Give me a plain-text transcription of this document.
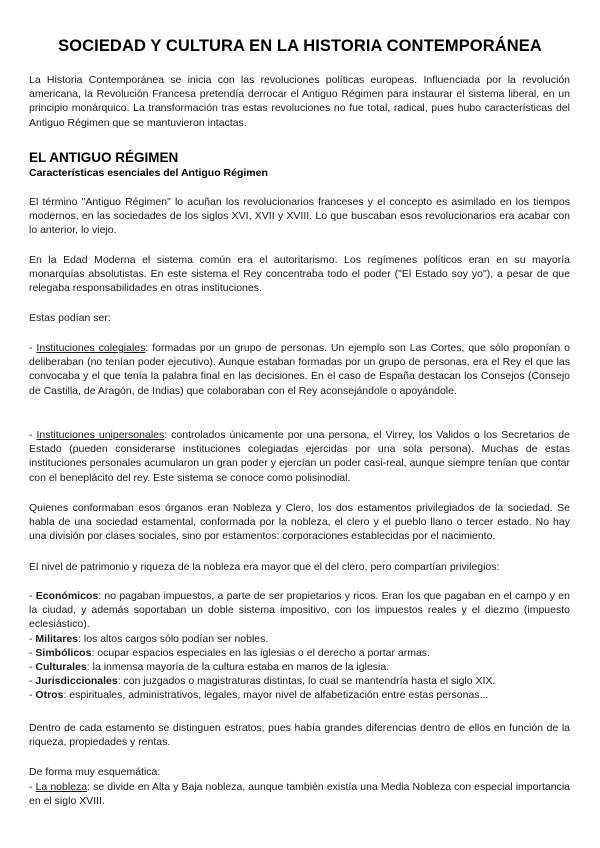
SOCIEDAD Y CULTURA EN LA HISTORIA CONTEMPORÁNEA

La Historia Contemporánea se inicia con las revoluciones políticas europeas. Influenciada por la revolución americana, la Revolución Francesa pretendía derrocar el Antiguo Régimen para instaurar el sistema liberal, en un principio monárquico. La transformación tras estas revoluciones no fue total, radical, pues hubo características del Antiguo Régimen que se mantuvieron intactas.

EL ANTIGUO RÉGIMEN
Características esenciales del Antiguo Régimen

El término "Antiguo Régimen" lo acuñan los revolucionarios franceses y el concepto es asimilado en los tiempos modernos, en las sociedades de los siglos XVI, XVII y XVIII. Lo que buscaban esos revolucionarios era acabar con lo anterior, lo viejo.

En la Edad Moderna el sistema común era el autoritarismo. Los regímenes políticos eran en su mayoría monarquías absolutistas. En este sistema el Rey concentraba todo el poder ("El Estado soy yo"), a pesar de que relegaba responsabilidades en otras instituciones.

Estas podían ser:

- Instituciones colegiales: formadas por un grupo de personas. Un ejemplo son Las Cortes, que sólo proponían o deliberaban (no tenían poder ejecutivo). Aunque estaban formadas por un grupo de personas, era el Rey el que las convocaba y el que tenía la palabra final en las decisiones. En el caso de España destacan los Consejos (Consejo de Castilla, de Aragón, de Indias) que colaboraban con el Rey aconsejándole o apoyándole.

- Instituciones unipersonales: controlados únicamente por una persona, el Virrey, los Validos o los Secretarios de Estado (pueden considerarse instituciones colegiadas ejercidas por una sola persona). Muchas de estas instituciones personales acumularon un gran poder y ejercían un poder casi-real, aunque siempre tenían que contar con el beneplácito del rey. Este sistema se conoce como polisinodial.

Quienes conformaban esos órganos eran Nobleza y Clero, los dos estamentos privilegiados de la sociedad. Se habla de una sociedad estamental, conformada por la nobleza, el clero y el pueblo llano o tercer estado. No hay una división por clases sociales, sino por estamentos: corporaciones establecidas por el nacimiento.

El nivel de patrimonio y riqueza de la nobleza era mayor que el del clero, pero compartían privilegios:

- Económicos: no pagaban impuestos, a parte de ser propietarios y ricos. Eran los que pagaban en el campo y en la ciudad, y además soportaban un doble sistema impositivo, con los impuestos reales y el diezmo (impuesto eclesiástico).
- Militares: los altos cargos sólo podían ser nobles.
- Simbólicos: ocupar espacios especiales en las iglesias o el derecho a portar armas.
- Culturales: la inmensa mayoría de la cultura estaba en manos de la iglesia.
- Jurisdiccionales: con juzgados o magistraturas distintas, lo cual se mantendría hasta el siglo XIX.
- Otros: espirituales, administrativos, legales, mayor nivel de alfabetización entre estas personas...

Dentro de cada estamento se distinguen estratos, pues había grandes diferencias dentro de ellos en función de la riqueza, propiedades y rentas.

De forma muy esquemática:

- La nobleza: se divide en Alta y Baja nobleza, aunque también existía una Media Nobleza con especial importancia en el siglo XVIII.
